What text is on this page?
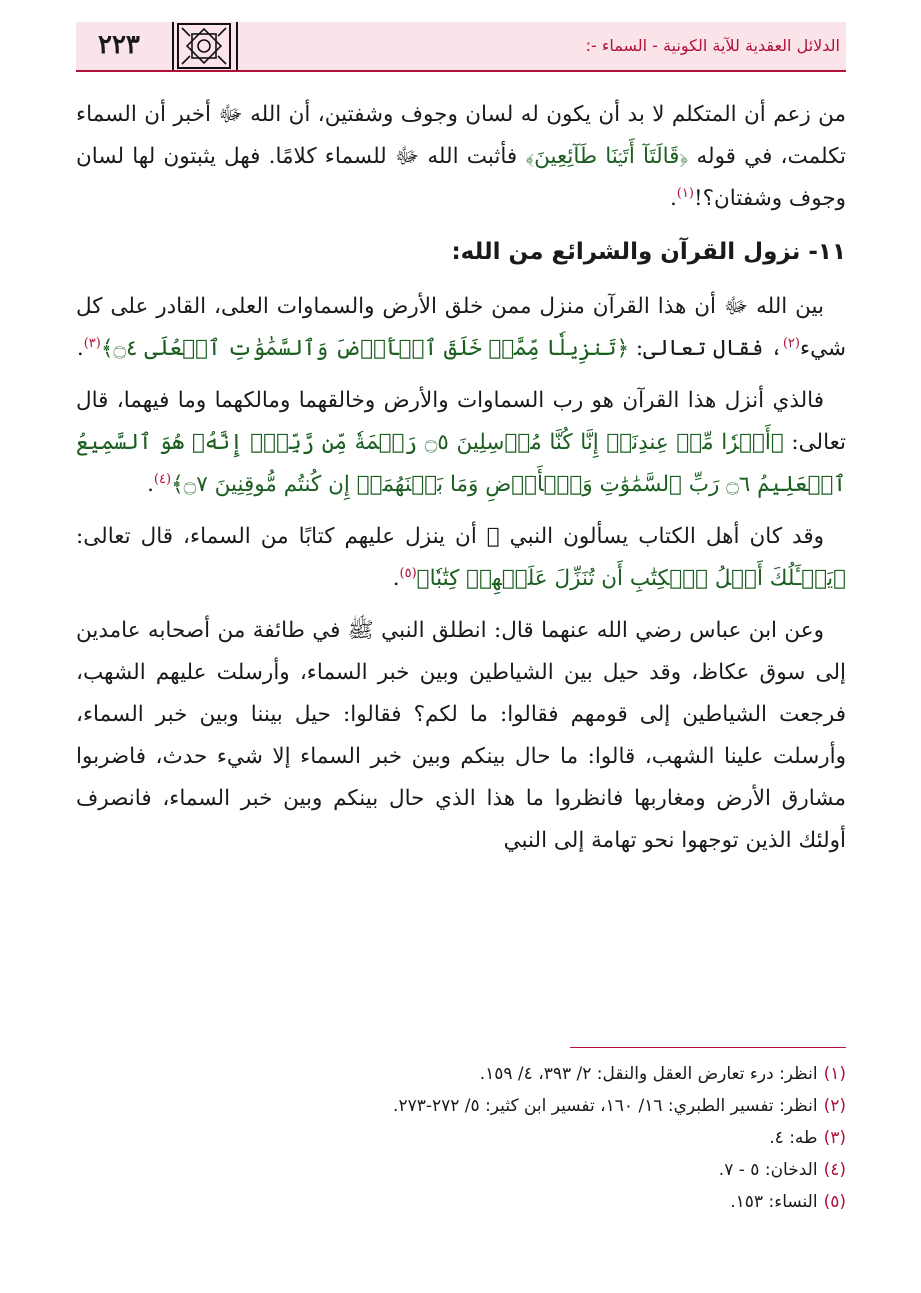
٢٢٣	الدلائل العقدية للآية الكونية - السماء -:
من زعم أن المتكلم لا بد أن يكون له لسان وجوف وشفتين، أن الله ﷻ أخبر أن السماء تكلمت، في قوله ﴿قَالَتَآ أَتَيۡنَا طَآئِعِينَ﴾ فأثبت الله ﷻ للسماء كلامًا. فهل يثبتون لها لسان وجوف وشفتان؟!$^{(١)}$.
١١- نزول القرآن والشرائع من الله:
بين الله ﷻ أن هذا القرآن منزل ممن خلق الأرض والسماوات العلى، القادر على كل شيء$^{(٢)}$، فقال تعالى: ﴿تَنزِيلٗا مِّمَّنۡ خَلَقَ ٱلۡأَرۡضَ وَٱلسَّمَٰوَٰتِ ٱلۡعُلَى ۝٤﴾$^{(٣)}$.
فالذي أنزل هذا القرآن هو رب السماوات والأرض وخالقهما ومالكهما وما فيهما، قال تعالى: ﴿أَمۡرٗا مِّنۡ عِندِنَآۚ إِنَّا كُنَّا مُرۡسِلِينَ ۝٥ رَحۡمَةٗ مِّن رَّبِّكَۚ إِنَّهُۥ هُوَ ٱلسَّمِيعُ ٱلۡعَلِيمُ ۝٦ رَبِّ ٱلسَّمَٰوَٰتِ وَٱلۡأَرۡضِ وَمَا بَيۡنَهُمَآۖ إِن كُنتُم مُّوقِنِينَ ۝٧﴾$^{(٤)}$.
وقد كان أهل الكتاب يسألون النبي ﷺ أن ينزل عليهم كتابًا من السماء، قال تعالى: ﴿يَسۡـَٔلُكَ أَهۡلُ ٱلۡكِتَٰبِ أَن تُنَزِّلَ عَلَيۡهِمۡ كِتَٰبٗا﴾$^{(٥)}$.
وعن ابن عباس رضي الله عنهما قال: انطلق النبي ﷺ في طائفة من أصحابه عامدين إلى سوق عكاظ، وقد حيل بين الشياطين وبين خبر السماء، وأرسلت عليهم الشهب، فرجعت الشياطين إلى قومهم فقالوا: ما لكم؟ فقالوا: حيل بيننا وبين خبر السماء، وأرسلت علينا الشهب، قالوا: ما حال بينكم وبين خبر السماء إلا شيء حدث، فاضربوا مشارق الأرض ومغاربها فانظروا ما هذا الذي حال بينكم وبين خبر السماء، فانصرف أولئك الذين توجهوا نحو تهامة إلى النبي

(١)انظر: درء تعارض العقل والنقل: ٢/ ٣٩٣، ٤/ ١٥٩.

(٢)انظر: تفسير الطبري: ١٦/ ١٦٠، تفسير ابن كثير: ٥/ ٢٧٢-٢٧٣.

(٣)طه: ٤.

(٤)الدخان: ٥ - ٧.

(٥)النساء: ١٥٣.
